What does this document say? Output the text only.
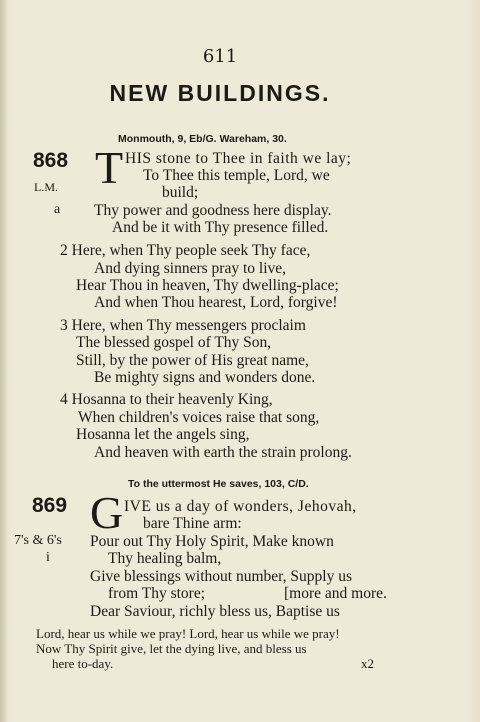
611
NEW BUILDINGS.
Monmouth, 9, Eb/G. Wareham, 30.
868
L.M.
a
T HIS stone to Thee in faith we lay;
To Thee this temple, Lord, we
build;
Thy power and goodness here display.
And be it with Thy presence filled.
2 Here, when Thy people seek Thy face,
And dying sinners pray to live,
Hear Thou in heaven, Thy dwelling-place;
And when Thou hearest, Lord, forgive!
3 Here, when Thy messengers proclaim
The blessed gospel of Thy Son,
Still, by the power of His great name,
Be mighty signs and wonders done.
4 Hosanna to their heavenly King,
When children's voices raise that song,
Hosanna let the angels sing,
And heaven with earth the strain prolong.
To the uttermost He saves, 103, C/D.
869 G IVE us a day of wonders, Jehovah,
bare Thine arm:
7's & 6's Pour out Thy Holy Spirit, Make known
i	Thy healing balm,
Give blessings without number, Supply us
from Thy store;	[more and more.
Dear Saviour, richly bless us, Baptise us
Lord, hear us while we pray! Lord, hear us while we pray!
Now Thy Spirit give, let the dying live, and bless us
here to-day.	x2
